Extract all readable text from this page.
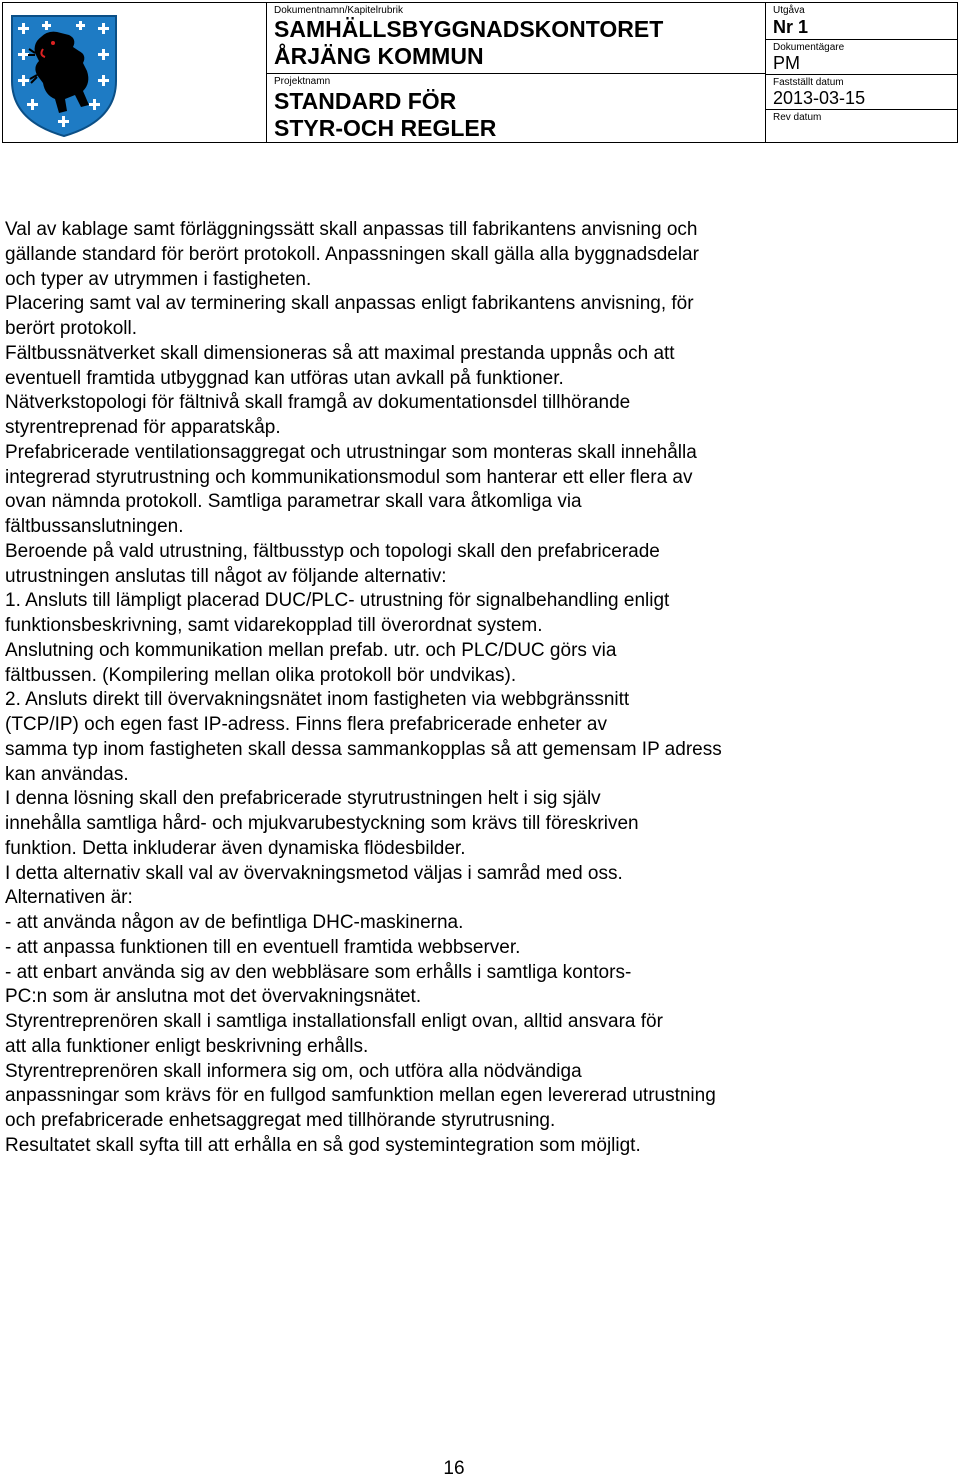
Dokumentnamn/Kapitelrubrik
SAMHÄLLSBYGGNADSKONTORET
ÅRJÄNG KOMMUN
Projektnamn
STANDARD FÖR
STYR-OCH REGLER
Utgåva
Nr 1
Dokumentägare
PM
Fastställt datum
2013-03-15
Rev datum

Val av kablage samt förläggningssätt skall anpassas till fabrikantens anvisning och

gällande standard för berört protokoll. Anpassningen skall gälla alla byggnadsdelar

och typer av utrymmen i fastigheten.

Placering samt val av terminering skall anpassas enligt fabrikantens anvisning, för

berört protokoll.

Fältbussnätverket skall dimensioneras så att maximal prestanda uppnås och att

eventuell framtida utbyggnad kan utföras utan avkall på funktioner.

Nätverkstopologi för fältnivå skall framgå av dokumentationsdel tillhörande

styrentreprenad för apparatskåp.

Prefabricerade ventilationsaggregat och utrustningar som monteras skall innehålla

integrerad styrutrustning och kommunikationsmodul som hanterar ett eller flera av

ovan nämnda protokoll. Samtliga parametrar skall vara åtkomliga via

fältbussanslutningen.

Beroende på vald utrustning, fältbusstyp och topologi skall den prefabricerade

utrustningen anslutas till något av följande alternativ:

1. Ansluts till lämpligt placerad DUC/PLC- utrustning för signalbehandling enligt

funktionsbeskrivning, samt vidarekopplad till överordnat system.

Anslutning och kommunikation mellan prefab. utr. och PLC/DUC görs via

fältbussen. (Kompilering mellan olika protokoll bör undvikas).

2. Ansluts direkt till övervakningsnätet inom fastigheten via webbgränssnitt

(TCP/IP) och egen fast IP-adress. Finns flera prefabricerade enheter av

samma typ inom fastigheten skall dessa sammankopplas så att gemensam IP adress

kan användas.

I denna lösning skall den prefabricerade styrutrustningen helt i sig själv

innehålla samtliga hård- och mjukvarubestyckning som krävs till föreskriven

funktion. Detta inkluderar även dynamiska flödesbilder.

I detta alternativ skall val av övervakningsmetod väljas i samråd med oss.

Alternativen är:

- att använda någon av de befintliga DHC-maskinerna.

- att anpassa funktionen till en eventuell framtida webbserver.

- att enbart använda sig av den webbläsare som erhålls i samtliga kontors-

PC:n som är anslutna mot det övervakningsnätet.

Styrentreprenören skall i samtliga installationsfall enligt ovan, alltid ansvara för

att alla funktioner enligt beskrivning erhålls.

Styrentreprenören skall informera sig om, och utföra alla nödvändiga

anpassningar som krävs för en fullgod samfunktion mellan egen levererad utrustning

och prefabricerade enhetsaggregat med tillhörande styrutrusning.

Resultatet skall syfta till att erhålla en så god systemintegration som möjligt.

16
